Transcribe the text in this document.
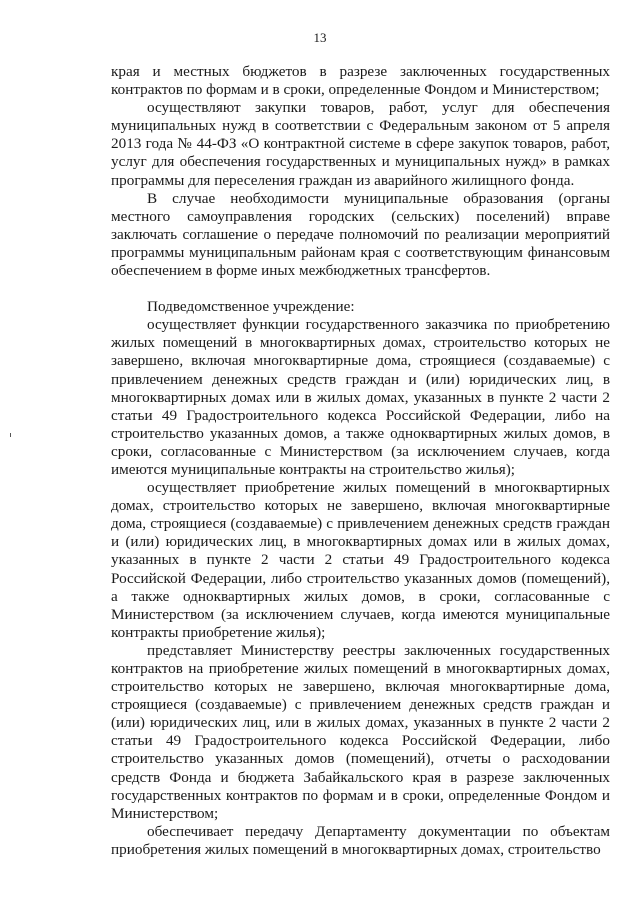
13

края и местных бюджетов в разрезе заключенных государственных контрактов по формам и в сроки, определенные Фондом и Министерством;

осуществляют закупки товаров, работ, услуг для обеспечения муниципальных нужд в соответствии с Федеральным законом от 5 апреля 2013 года № 44-ФЗ «О контрактной системе в сфере закупок товаров, работ, услуг для обеспечения государственных и муниципальных нужд» в рамках программы для переселения граждан из аварийного жилищного фонда.

В случае необходимости муниципальные образования (органы местного самоуправления городских (сельских) поселений) вправе заключать соглашение о передаче полномочий по реализации мероприятий программы муниципальным районам края с соответствующим финансовым обеспечением в форме иных межбюджетных трансфертов.

Подведомственное учреждение:

осуществляет функции государственного заказчика по приобретению жилых помещений в многоквартирных домах, строительство которых не завершено, включая многоквартирные дома, строящиеся (создаваемые) с привлечением денежных средств граждан и (или) юридических лиц, в многоквартирных домах или в жилых домах, указанных в пункте 2 части 2 статьи 49 Градостроительного кодекса Российской Федерации, либо на строительство указанных домов, а также одноквартирных жилых домов, в сроки, согласованные с Министерством (за исключением случаев, когда имеются муниципальные контракты на строительство жилья);

осуществляет приобретение жилых помещений в многоквартирных домах, строительство которых не завершено, включая многоквартирные дома, строящиеся (создаваемые) с привлечением денежных средств граждан и (или) юридических лиц, в многоквартирных домах или в жилых домах, указанных в пункте 2 части 2 статьи 49 Градостроительного кодекса Российской Федерации, либо строительство указанных домов (помещений), а также одноквартирных жилых домов, в сроки, согласованные с Министерством (за исключением случаев, когда имеются муниципальные контракты приобретение жилья);

представляет Министерству реестры заключенных государственных контрактов на приобретение жилых помещений в многоквартирных домах, строительство которых не завершено, включая многоквартирные дома, строящиеся (создаваемые) с привлечением денежных средств граждан и (или) юридических лиц, или в жилых домах, указанных в пункте 2 части 2 статьи 49 Градостроительного кодекса Российской Федерации, либо строительство указанных домов (помещений), отчеты о расходовании средств Фонда и бюджета Забайкальского края в разрезе заключенных государственных контрактов по формам и в сроки, определенные Фондом и Министерством;

обеспечивает передачу Департаменту документации по объектам приобретения жилых помещений в многоквартирных домах, строительство
